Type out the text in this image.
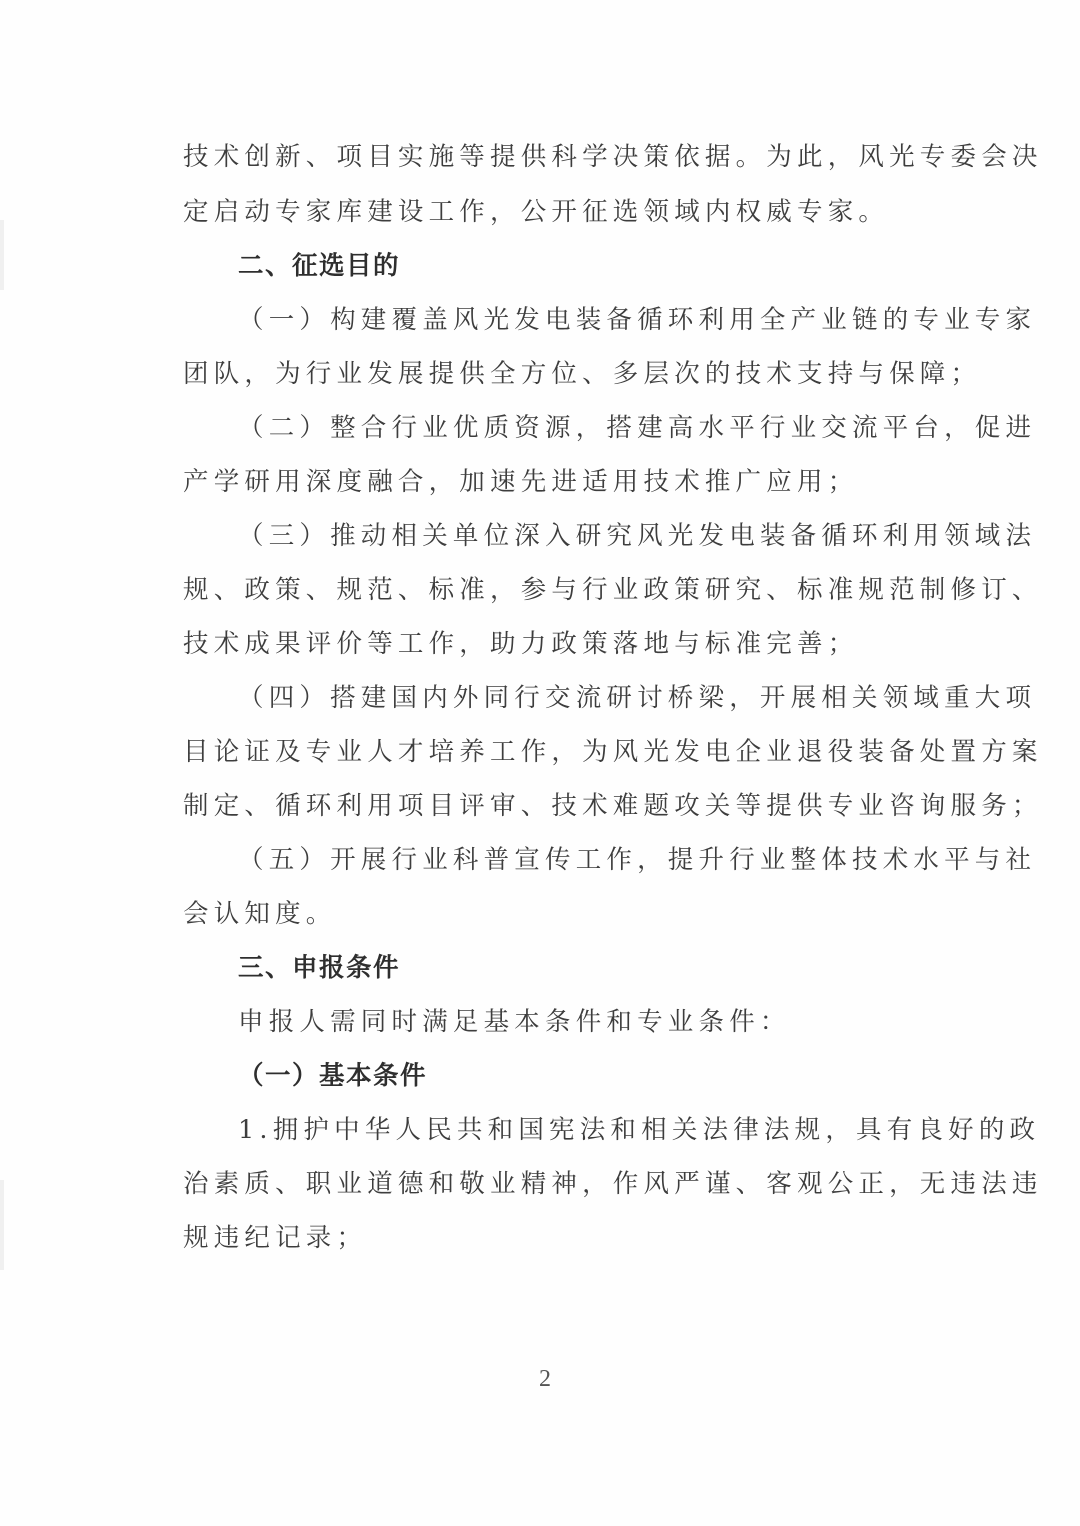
技术创新、项目实施等提供科学决策依据。为此，风光专委会决
定启动专家库建设工作，公开征选领域内权威专家。
二、征选目的
（一）构建覆盖风光发电装备循环利用全产业链的专业专家
团队，为行业发展提供全方位、多层次的技术支持与保障；
（二）整合行业优质资源，搭建高水平行业交流平台，促进
产学研用深度融合，加速先进适用技术推广应用；
（三）推动相关单位深入研究风光发电装备循环利用领域法
规、政策、规范、标准，参与行业政策研究、标准规范制修订、
技术成果评价等工作，助力政策落地与标准完善；
（四）搭建国内外同行交流研讨桥梁，开展相关领域重大项
目论证及专业人才培养工作，为风光发电企业退役装备处置方案
制定、循环利用项目评审、技术难题攻关等提供专业咨询服务；
（五）开展行业科普宣传工作，提升行业整体技术水平与社
会认知度。
三、申报条件
申报人需同时满足基本条件和专业条件：
（一）基本条件
1.拥护中华人民共和国宪法和相关法律法规，具有良好的政
治素质、职业道德和敬业精神，作风严谨、客观公正，无违法违
规违纪记录；
2
